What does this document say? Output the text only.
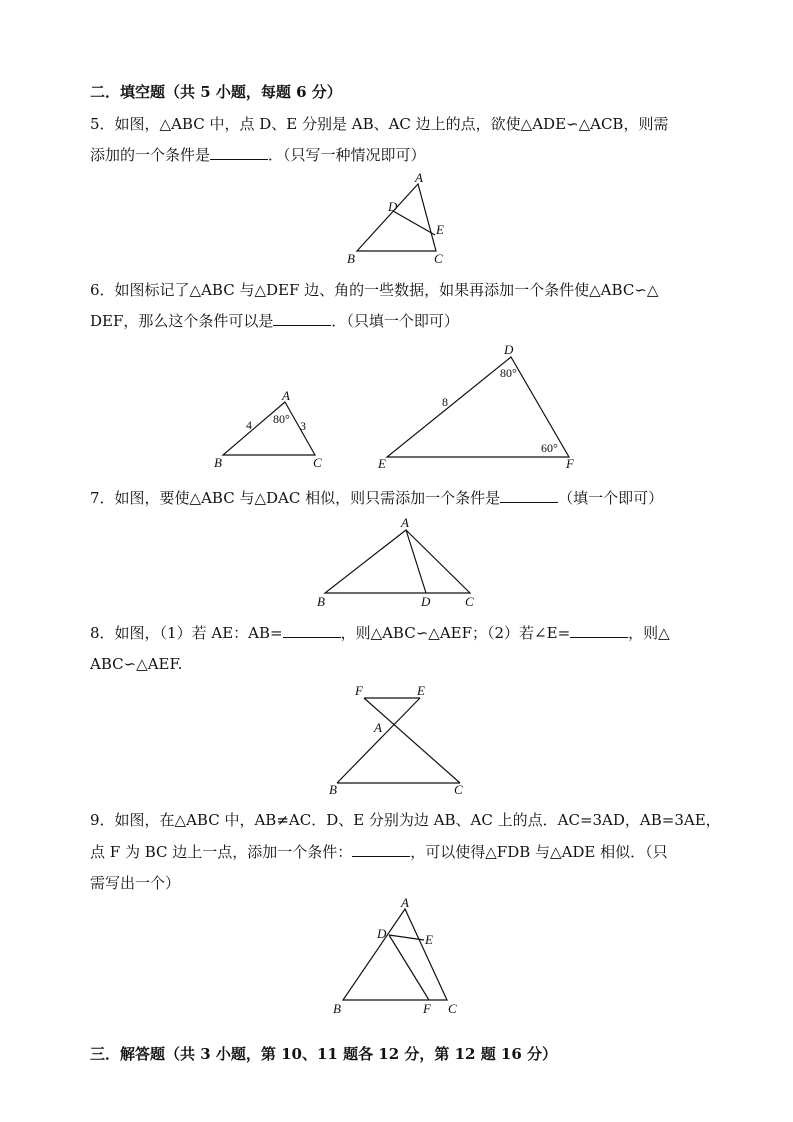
二．填空题（共 5 小题，每题 6 分）
5．如图，△ABC 中，点 D、E 分别是 AB、AC 边上的点，欲使△ADE∽△ACB，则需
添加的一个条件是	．（只写一种情况即可）
A
D
E
B	C
6．如图标记了△ABC 与△DEF 边、角的一些数据，如果再添加一个条件使△ABC∽△
DEF，那么这个条件可以是	．（只填一个即可）
A
B	C
4	3
80°
D
E	F
8
80°
60°
7．如图，要使△ABC 与△DAC 相似，则只需添加一个条件是	（填一个即可）
A
B	D	C
8．如图，（1）若 AE：AB=	，则△ABC∽△AEF；（2）若∠E=	，则△
ABC∽△AEF.
F	E
A
B	C
9．如图，在△ABC 中，AB≠AC．D、E 分别为边 AB、AC 上的点．AC=3AD，AB=3AE，
点 F 为 BC 边上一点，添加一个条件：	，可以使得△FDB 与△ADE 相似．（只
需写出一个）
A
D	E
B	F C
三．解答题（共 3 小题，第 10、11 题各 12 分，第 12 题 16 分）
